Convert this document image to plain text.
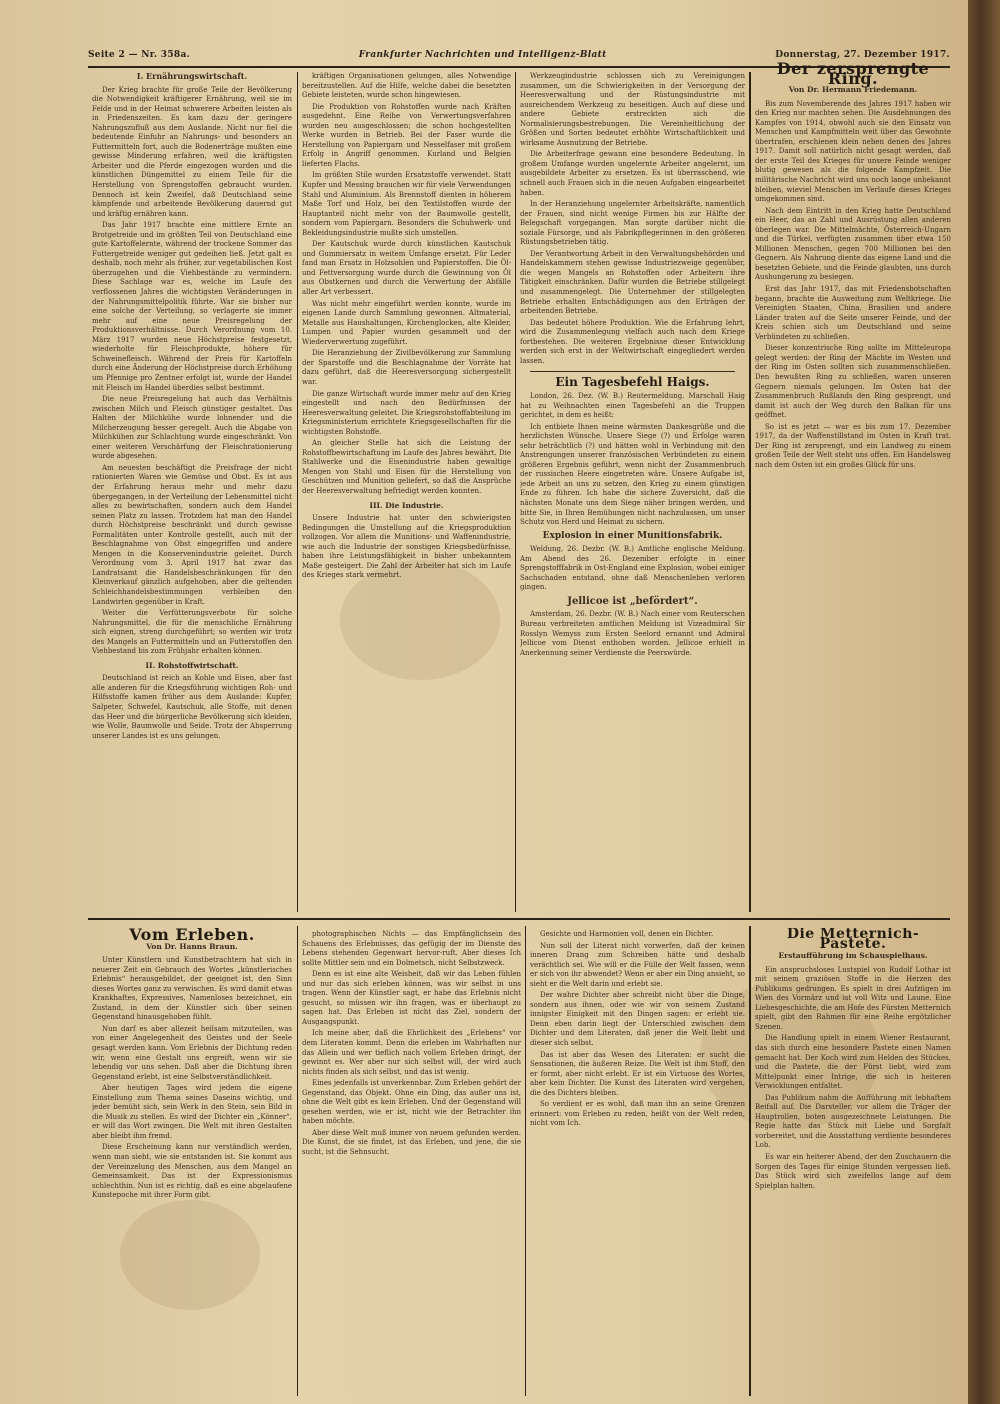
Seite 2 — Nr. 358a.	Frankfurter Nachrichten und Intelligenz-Blatt	Donnerstag, 27. Dezember 1917.
I. Ernährungswirtschaft.

Der Krieg brachte für große Teile der Bevölkerung die Notwendigkeit kräftigerer Ernährung, weil sie im Felde und in der Heimat schwerere Arbeiten leisten als in Friedenszeiten. Es kam dazu der geringere Nahrungszufluß aus dem Auslande. Nicht nur fiel die bedeutende Einfuhr an Nahrungs- und besonders an Futtermitteln fort, auch die Bodenerträge mußten eine gewisse Minderung erfahren, weil die kräftigsten Arbeiter und die Pferde eingezogen wurden und die künstlichen Düngemittel zu einem Teile für die Herstellung von Sprengstoffen gebraucht wurden. Dennoch ist kein Zweifel, daß Deutschland seine kämpfende und arbeitende Bevölkerung dauernd gut und kräftig ernähren kann.

Das Jahr 1917 brachte eine mittlere Ernte an Brotgetreide und im größten Teil von Deutschland eine gute Kartoffelernte, während der trockene Sommer das Futtergetreide weniger gut gedeihen ließ. Jetzt galt es deshalb, noch mehr als früher, zur vegetabilischen Kost überzugehen und die Viehbestände zu vermindern. Diese Sachlage war es, welche im Laufe des verflossenen Jahres die wichtigsten Veränderungen in der Nahrungsmittelpolitik führte. War sie bisher nur eine solche der Verteilung, so verlagerte sie immer mehr auf eine neue Preisregelung der Produktionsverhältnisse. Durch Verordnung vom 10. März 1917 wurden neue Höchstpreise festgesetzt, wiederholte für Fleischprodukte, höhere für Schweinefleisch. Während der Preis für Kartoffeln durch eine Änderung der Höchstpreise durch Erhöhung um Pfennige pro Zentner erfolgt ist, wurde der Handel mit Fleisch im Handel überdies selbst bestimmt.

Die neue Preisregelung hat auch das Verhältnis zwischen Milch und Fleisch günstiger gestaltet. Das Halten der Milchkühe wurde lohnender und die Milcherzeugung besser geregelt. Auch die Abgabe von Milchkühen zur Schlachtung wurde eingeschränkt. Von einer weiteren Verschärfung der Fleischrationierung wurde abgesehen.

Am neuesten beschäftigt die Preisfrage der nicht rationierten Waren wie Gemüse und Obst. Es ist aus der Erfahrung heraus mehr und mehr dazu übergegangen, in der Verteilung der Lebensmittel nicht alles zu bewirtschaften, sondern auch dem Handel seinen Platz zu lassen. Trotzdem hat man den Handel durch Höchstpreise beschränkt und durch gewisse Formalitäten unter Kontrolle gestellt, auch mit der Beschlagnahme von Obst eingegriffen und andere Mengen in die Konservenindustrie geleitet. Durch Verordnung vom 3. April 1917 hat zwar das Landratsamt die Handelsbeschränkungen für den Kleinverkauf gänzlich aufgehoben, aber die geltenden Schleichhandelsbestimmungen verbleiben den Landwirten gegenüber in Kraft.

Weiter die Verfütterungsverbote für solche Nahrungsmittel, die für die menschliche Ernährung sich eignen, streng durchgeführt; so werden wir trotz des Mangels an Futtermitteln und an Futterstoffen den Viehbestand bis zum Frühjahr erhalten können.

II. Rohstoffwirtschaft.

Deutschland ist reich an Kohle und Eisen, aber fast alle anderen für die Kriegsführung wichtigen Roh- und Hilfsstoffe kamen früher aus dem Auslande: Kupfer, Salpeter, Schwefel, Kautschuk, alle Stoffe, mit denen das Heer und die bürgerliche Bevölkerung sich kleiden, wie Wolle, Baumwolle und Seide. Trotz der Absperrung unserer Landes ist es uns gelungen.

kräftigen Organisationen gelungen, alles Notwendige bereitzustellen. Auf die Hilfe, welche dabei die besetzten Gebiete leisteten, wurde schon hingewiesen.

Die Produktion von Rohstoffen wurde nach Kräften ausgedehnt. Eine Reihe von Verwertungsverfahren wurden neu ausgeschlossen; die schon hochgestellten Werke wurden in Betrieb. Bei der Faser wurde die Herstellung von Papiergarn und Nesselfaser mit großem Erfolg in Angriff genommen. Kurland und Belgien lieferten Flachs.

Im größten Stile wurden Ersatzstoffe verwendet. Statt Kupfer und Messing brauchen wir für viele Verwendungen Stahl und Aluminium. Als Brennstoff dienten in höherem Maße Torf und Holz, bei den Textilstoffen wurde der Hauptanteil nicht mehr von der Baumwolle gestellt, sondern vom Papiergarn. Besonders die Schuhwerk- und Bekleidungsindustrie mußte sich umstellen.

Der Kautschuk wurde durch künstlichen Kautschuk und Gummiersatz in weitem Umfange ersetzt. Für Leder fand man Ersatz in Holzsohlen und Papierstoffen. Die Öl- und Fettversorgung wurde durch die Gewinnung von Öl aus Obstkernen und durch die Verwertung der Abfälle aller Art verbessert.

Was nicht mehr eingeführt werden konnte, wurde im eigenen Lande durch Sammlung gewonnen. Altmaterial, Metalle aus Haushaltungen, Kirchenglocken, alte Kleider, Lumpen und Papier wurden gesammelt und der Wiederverwertung zugeführt.

Die Heranziehung der Zivilbevölkerung zur Sammlung der Sparstoffe und die Beschlagnahme der Vorräte hat dazu geführt, daß die Heeresversorgung sichergestellt war.

Die ganze Wirtschaft wurde immer mehr auf den Krieg eingestellt und nach den Bedürfnissen der Heeresverwaltung geleitet. Die Kriegsrohstoffabteilung im Kriegsministerium errichtete Kriegsgesellschaften für die wichtigsten Rohstoffe.

An gleicher Stelle hat sich die Leistung der Rohstoffbewirtschaftung im Laufe des Jahres bewährt. Die Stahlwerke und die Eisenindustrie haben gewaltige Mengen von Stahl und Eisen für die Herstellung von Geschützen und Munition geliefert, so daß die Ansprüche der Heeresverwaltung befriedigt werden konnten.

III. Die Industrie.

Unsere Industrie hat unter den schwierigsten Bedingungen die Umstellung auf die Kriegsproduktion vollzogen. Vor allem die Munitions- und Waffenindustrie, wie auch die Industrie der sonstigen Kriegsbedürfnisse, haben ihre Leistungsfähigkeit in bisher unbekanntem Maße gesteigert. Die Zahl der Arbeiter hat sich im Laufe des Krieges stark vermehrt.

Werkzeugindustrie schlossen sich zu Vereinigungen zusammen, um die Schwierigkeiten in der Versorgung der Heeresverwaltung und der Rüstungsindustrie mit ausreichendem Werkzeug zu beseitigen. Auch auf diese und andere Gebiete erstreckten sich die Normalisierungsbestrebungen. Die Vereinheitlichung der Größen und Sorten bedeutet erhöhte Wirtschaftlichkeit und wirksame Ausnutzung der Betriebe.

Die Arbeiterfrage gewann eine besondere Bedeutung. In großem Umfange wurden ungelernte Arbeiter angelernt, um ausgebildete Arbeiter zu ersetzen. Es ist überraschend, wie schnell auch Frauen sich in die neuen Aufgaben eingearbeitet haben.

In der Heranziehung ungelernter Arbeitskräfte, namentlich der Frauen, sind nicht wenige Firmen bis zur Hälfte der Belegschaft vorgegangen. Man sorgte darüber nicht die soziale Fürsorge, und als Fabrikpflegerinnen in den größeren Rüstungsbetrieben tätig.

Der Verantwortung Arbeit in den Verwaltungsbehörden und Handelskammern stehen gewisse Industriezweige gegenüber, die wegen Mangels an Rohstoffen oder Arbeitern ihre Tätigkeit einschränken. Dafür wurden die Betriebe stillgelegt und zusammengelegt. Die Unternehmer der stillgelegten Betriebe erhalten Entschädigungen aus den Erträgen der arbeitenden Betriebe.

Das bedeutet höhere Produktion. Wie die Erfahrung lehrt, wird die Zusammenlegung vielfach auch nach dem Kriege fortbestehen. Die weiteren Ergebnisse dieser Entwicklung werden sich erst in der Weltwirtschaft eingegliedert werden lassen.

Ein Tagesbefehl Haigs.

London, 26. Dez. (W. B.) Reutermeldung. Marschall Haig hat zu Weihnachten einen Tagesbefehl an die Truppen gerichtet, in dem es heißt:

Ich entbiete Ihnen meine wärmsten Dankesgrüße und die herzlichsten Wünsche. Unsere Siege (?) und Erfolge waren sehr beträchtlich (?) und hätten wohl in Verbindung mit den Anstrengungen unserer französischen Verbündeten zu einem größeren Ergebnis geführt, wenn nicht der Zusammenbruch der russischen Heere eingetreten wäre. Unsere Aufgabe ist, jede Arbeit an uns zu setzen, den Krieg zu einem günstigen Ende zu führen. Ich habe die sichere Zuversicht, daß die nächsten Monate uns dem Siege näher bringen werden, und bitte Sie, in Ihren Bemühungen nicht nachzulassen, um unser Schutz von Herd und Heimat zu sichern.

Explosion in einer Munitionsfabrik.

Weldung, 26. Dezbr. (W. B.) Amtliche englische Meldung. Am Abend des 26. Dezember erfolgte in einer Sprengstofffabrik in Ost-England eine Explosion, wobei einiger Sachschaden entstand, ohne daß Menschenleben verloren gingen.

Jellicoe ist „befördert“.

Amsterdam, 26. Dezbr. (W. B.) Nach einer vom Reuterschen Bureau verbreiteten amtlichen Meldung ist Vizeadmiral Sir Rosslyn Wemyss zum Ersten Seelord ernannt und Admiral Jellicoe vom Dienst enthoben worden. Jellicoe erhielt in Anerkennung seiner Verdienste die Peerswürde.

Der zersprengte Ring.
Von Dr. Hermann Friedemann.

Bis zum Novemberende des Jahres 1917 haben wir den Krieg nur machten sehen. Die Ausdehnungen des Kampfes von 1914, obwohl auch sie den Einsatz von Menschen und Kampfmitteln weit über das Gewohnte übertrafen, erschienen klein neben denen des Jahres 1917. Damit soll natürlich nicht gesagt werden, daß der erste Teil des Krieges für unsere Feinde weniger blutig gewesen als die folgende Kampfzeit. Die militärische Nachricht wird uns noch lange unbekannt bleiben, wieviel Menschen im Verlaufe dieses Krieges umgekommen sind.

Nach dem Eintritt in den Krieg hatte Deutschland ein Heer, das an Zahl und Ausrüstung allen anderen überlegen war. Die Mittelmächte, Österreich-Ungarn und die Türkei, verfügten zusammen über etwa 150 Millionen Menschen, gegen 700 Millionen bei den Gegnern. Als Nahrung diente das eigene Land und die besetzten Gebiete, und die Feinde glaubten, uns durch Aushungerung zu besiegen.

Erst das Jahr 1917, das mit Friedensbotschaften begann, brachte die Ausweitung zum Weltkriege. Die Vereinigten Staaten, China, Brasilien und andere Länder traten auf die Seite unserer Feinde, und der Kreis schien sich um Deutschland und seine Verbündeten zu schließen.

Dieser konzentrische Ring sollte im Mitteleuropa gelegt werden: der Ring der Mächte im Westen und der Ring im Osten sollten sich zusammenschließen. Den bewußten Ring zu schließen, waren unseren Gegnern niemals gelungen. Im Osten hat der Zusammenbruch Rußlands den Ring gesprengt, und damit ist auch der Weg durch den Balkan für uns geöffnet.

So ist es jetzt — war es bis zum 17. Dezember 1917, da der Waffenstillstand im Osten in Kraft trat. Der Ring ist zersprengt, und ein Landweg zu einem großen Teile der Welt steht uns offen. Ein Handelsweg nach dem Osten ist ein großes Glück für uns.

Vom Erleben.
Von Dr. Hanns Braun.

Unter Künstlern und Kunstbetrachtern hat sich in neuerer Zeit ein Gebrauch des Wortes „künstlerisches Erlebnis“ herausgebildet, der geeignet ist, den Sinn dieses Wortes ganz zu verwischen. Es wird damit etwas Krankhaftes, Expressives, Namenloses bezeichnet, ein Zustand, in dem der Künstler sich über seinen Gegenstand hinausgehoben fühlt.

Nun darf es aber allezeit heilsam mitzuteilen, was von einer Angelegenheit des Geistes und der Seele gesagt werden kann. Vom Erlebnis der Dichtung reden wir, wenn eine Gestalt uns ergreift, wenn wir sie lebendig vor uns sehen. Daß aber die Dichtung ihren Gegenstand erlebt, ist eine Selbstverständlichkeit.

Aber heutigen Tages wird jedem die eigene Einstellung zum Thema seines Daseins wichtig, und jeder bemüht sich, sein Werk in den Stein, sein Bild in die Musik zu stellen. Es wird der Dichter ein „Könner“, er will das Wort zwingen. Die Welt mit ihren Gestalten aber bleibt ihm fremd.

Diese Erscheinung kann nur verständlich werden, wenn man sieht, wie sie entstanden ist. Sie kommt aus der Vereinzelung des Menschen, aus dem Mangel an Gemeinsamkeit. Das ist der Expressionismus schlechthin. Nun ist es richtig, daß es eine abgelaufene Kunstepoche mit ihrer Form gibt.

photographischen Nichts — das Empfänglichsein des Schauens des Erlebnisses, das gefügig der im Dienste des Lebens stehenden Gegenwart hervor-ruft. Aber dieses Ich sollte Mittler sein und ein Dolmetsch, nicht Selbstzweck.

Denn es ist eine alte Weisheit, daß wir das Leben fühlen und nur das sich erleben können, was wir selbst in uns tragen. Wenn der Künstler sagt, er habe das Erlebnis nicht gesucht, so müssen wir ihn fragen, was er überhaupt zu sagen hat. Das Erleben ist nicht das Ziel, sondern der Ausgangspunkt.

Ich meine aber, daß die Ehrlichkeit des „Erlebens“ vor dem Literaten kommt. Denn die erleben im Wahrhaften nur das Allein und wer tieflich nach vollem Erleben dringt, der gewinnt es. Wer aber nur sich selbst will, der wird auch nichts finden als sich selbst, und das ist wenig.

Eines jedenfalls ist unverkennbar. Zum Erleben gehört der Gegenstand, das Objekt. Ohne ein Ding, das außer uns ist, ohne die Welt gibt es kein Erleben. Und der Gegenstand will gesehen werden, wie er ist, nicht wie der Betrachter ihn haben möchte.

Aber diese Welt muß immer von neuem gefunden werden. Die Kunst, die sie findet, ist das Erleben, und jene, die sie sucht, ist die Sehnsucht.

Gesichte und Harmonien voll, denen ein Dichter.

Nun soll der Literat nicht vorwerfen, daß der keinen inneren Drang zum Schreiben hätte und deshalb verächtlich sei. Wie will er die Fülle der Welt fassen, wenn er sich von ihr abwendet? Wenn er aber ein Ding ansieht, so sieht er die Welt darin und erlebt sie.

Der wahre Dichter aber schreibt nicht über die Dinge, sondern aus ihnen, oder wie wir von seinem Zustand innigster Einigkeit mit den Dingen sagen: er erlebt sie. Denn eben darin liegt der Unterschied zwischen dem Dichter und dem Literaten, daß jener die Welt liebt und dieser sich selbst.

Das ist aber das Wesen des Literaten: er sucht die Sensationen, die äußeren Reize. Die Welt ist ihm Stoff, den er formt, aber nicht erlebt. Er ist ein Virtuose des Wortes, aber kein Dichter. Die Kunst des Literaten wird vergehen, die des Dichters bleiben.

So verdient er es wohl, daß man ihn an seine Grenzen erinnert: vom Erleben zu reden, heißt von der Welt reden, nicht vom Ich.

Die Metternich-Pastete.
Erstaufführung im Schauspielhaus.

Ein anspruchsloses Lustspiel von Rudolf Lothar ist mit seinem graziösen Stoffe in die Herzen des Publikums gedrungen. Es spielt in drei Aufzügen im Wien des Vormärz und ist voll Witz und Laune. Eine Liebesgeschichte, die am Hofe des Fürsten Metternich spielt, gibt den Rahmen für eine Reihe ergötzlicher Szenen.

Die Handlung spielt in einem Wiener Restaurant, das sich durch eine besondere Pastete einen Namen gemacht hat. Der Koch wird zum Helden des Stückes, und die Pastete, die der Fürst liebt, wird zum Mittelpunkt einer Intrige, die sich in heiteren Verwicklungen entfaltet.

Das Publikum nahm die Aufführung mit lebhaftem Beifall auf. Die Darsteller, vor allem die Träger der Hauptrollen, boten ausgezeichnete Leistungen. Die Regie hatte das Stück mit Liebe und Sorgfalt vorbereitet, und die Ausstattung verdiente besonderes Lob.

Es war ein heiterer Abend, der den Zuschauern die Sorgen des Tages für einige Stunden vergessen ließ. Das Stück wird sich zweifellos lange auf dem Spielplan halten.
